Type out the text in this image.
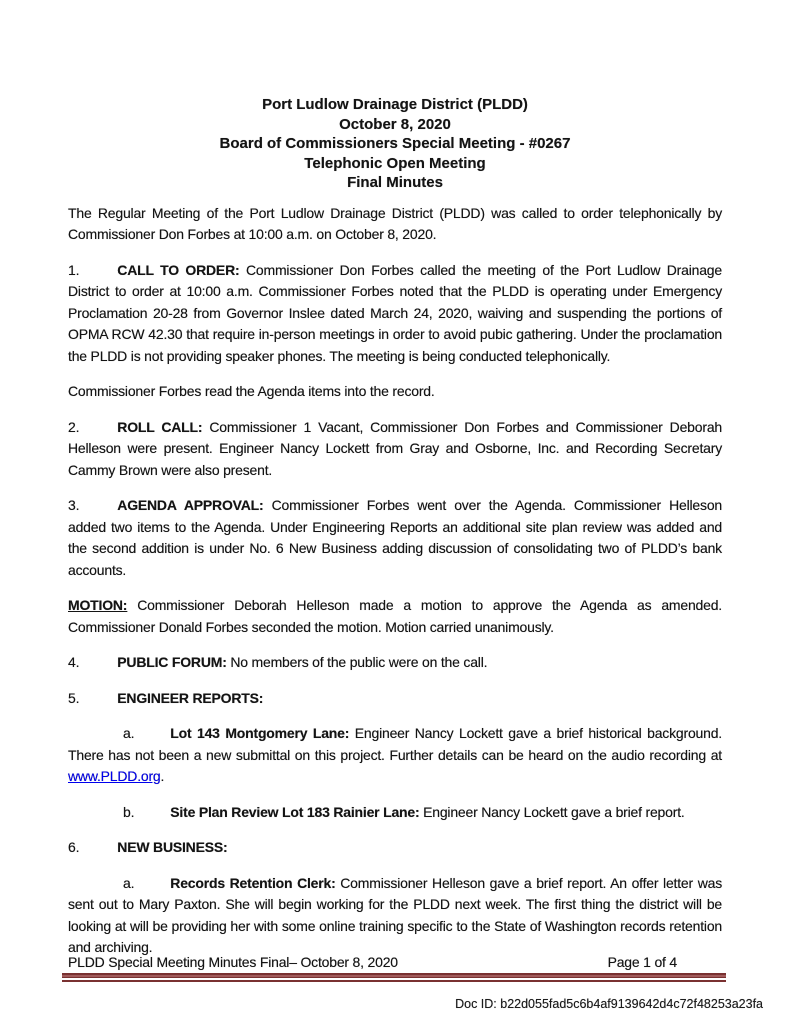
Port Ludlow Drainage District (PLDD)
October 8, 2020
Board of Commissioners Special Meeting - #0267
Telephonic Open Meeting
Final Minutes

The Regular Meeting of the Port Ludlow Drainage District (PLDD) was called to order telephonically by Commissioner Don Forbes at 10:00 a.m. on October 8, 2020.

1.	CALL TO ORDER: Commissioner Don Forbes called the meeting of the Port Ludlow Drainage District to order at 10:00 a.m. Commissioner Forbes noted that the PLDD is operating under Emergency Proclamation 20-28 from Governor Inslee dated March 24, 2020, waiving and suspending the portions of OPMA RCW 42.30 that require in-person meetings in order to avoid pubic gathering. Under the proclamation the PLDD is not providing speaker phones. The meeting is being conducted telephonically.

Commissioner Forbes read the Agenda items into the record.

2.	ROLL CALL: Commissioner 1 Vacant, Commissioner Don Forbes and Commissioner Deborah Helleson were present. Engineer Nancy Lockett from Gray and Osborne, Inc. and Recording Secretary Cammy Brown were also present.

3.	AGENDA APPROVAL: Commissioner Forbes went over the Agenda. Commissioner Helleson added two items to the Agenda. Under Engineering Reports an additional site plan review was added and the second addition is under No. 6 New Business adding discussion of consolidating two of PLDD’s bank accounts.

MOTION: Commissioner Deborah Helleson made a motion to approve the Agenda as amended. Commissioner Donald Forbes seconded the motion. Motion carried unanimously.

4.	PUBLIC FORUM: No members of the public were on the call.

5.	ENGINEER REPORTS:

a.	Lot 143 Montgomery Lane: Engineer Nancy Lockett gave a brief historical background. There has not been a new submittal on this project. Further details can be heard on the audio recording at www.PLDD.org.

b.	Site Plan Review Lot 183 Rainier Lane: Engineer Nancy Lockett gave a brief report.

6.	NEW BUSINESS:

a.	Records Retention Clerk: Commissioner Helleson gave a brief report. An offer letter was sent out to Mary Paxton. She will begin working for the PLDD next week. The first thing the district will be looking at will be providing her with some online training specific to the State of Washington records retention and archiving.

PLDD Special Meeting Minutes Final– October 8, 2020	Page 1 of 4
Doc ID: b22d055fad5c6b4af9139642d4c72f48253a23fa
